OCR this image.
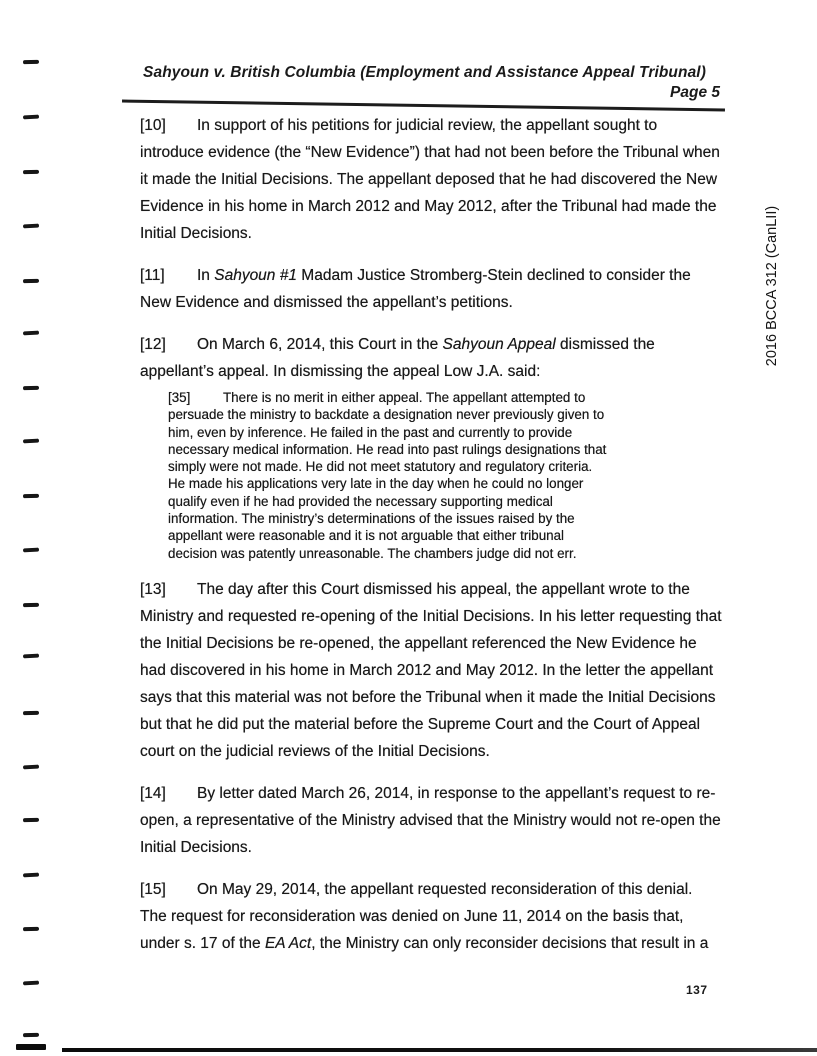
Sahyoun v. British Columbia (Employment and Assistance Appeal Tribunal)
Page 5
[10] In support of his petitions for judicial review, the appellant sought to introduce evidence (the “New Evidence”) that had not been before the Tribunal when it made the Initial Decisions. The appellant deposed that he had discovered the New Evidence in his home in March 2012 and May 2012, after the Tribunal had made the Initial Decisions.
[11] In Sahyoun #1 Madam Justice Stromberg-Stein declined to consider the New Evidence and dismissed the appellant’s petitions.
[12] On March 6, 2014, this Court in the Sahyoun Appeal dismissed the appellant’s appeal. In dismissing the appeal Low J.A. said:
[35] There is no merit in either appeal. The appellant attempted to persuade the ministry to backdate a designation never previously given to him, even by inference. He failed in the past and currently to provide necessary medical information. He read into past rulings designations that simply were not made. He did not meet statutory and regulatory criteria. He made his applications very late in the day when he could no longer qualify even if he had provided the necessary supporting medical information. The ministry’s determinations of the issues raised by the appellant were reasonable and it is not arguable that either tribunal decision was patently unreasonable. The chambers judge did not err.
[13] The day after this Court dismissed his appeal, the appellant wrote to the Ministry and requested re-opening of the Initial Decisions. In his letter requesting that the Initial Decisions be re-opened, the appellant referenced the New Evidence he had discovered in his home in March 2012 and May 2012. In the letter the appellant says that this material was not before the Tribunal when it made the Initial Decisions but that he did put the material before the Supreme Court and the Court of Appeal court on the judicial reviews of the Initial Decisions.
[14] By letter dated March 26, 2014, in response to the appellant’s request to re-open, a representative of the Ministry advised that the Ministry would not re-open the Initial Decisions.
[15] On May 29, 2014, the appellant requested reconsideration of this denial. The request for reconsideration was denied on June 11, 2014 on the basis that, under s. 17 of the EA Act, the Ministry can only reconsider decisions that result in a
2016 BCCA 312 (CanLII)
137
